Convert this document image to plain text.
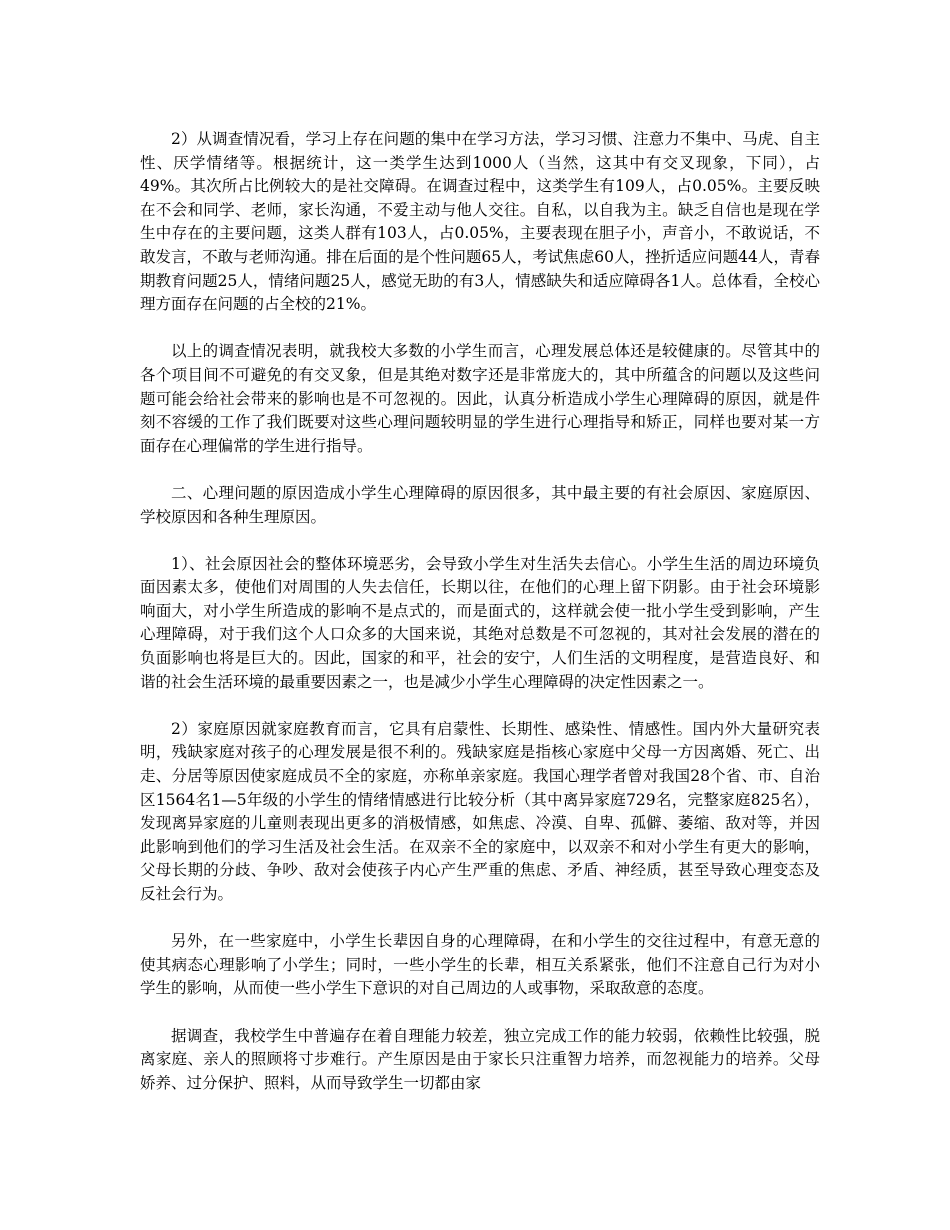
2）从调查情况看，学习上存在问题的集中在学习方法，学习习惯、注意力不集中、马虎、自主性、厌学情绪等。根据统计，这一类学生达到1000人（当然，这其中有交叉现象，下同），占49%。其次所占比例较大的是社交障碍。在调查过程中，这类学生有109人，占0.05%。主要反映在不会和同学、老师，家长沟通，不爱主动与他人交往。自私，以自我为主。缺乏自信也是现在学生中存在的主要问题，这类人群有103人，占0.05%，主要表现在胆子小，声音小，不敢说话，不敢发言，不敢与老师沟通。排在后面的是个性问题65人，考试焦虑60人，挫折适应问题44人，青春期教育问题25人，情绪问题25人，感觉无助的有3人，情感缺失和适应障碍各1人。总体看，全校心理方面存在问题的占全校的21%。

以上的调查情况表明，就我校大多数的小学生而言，心理发展总体还是较健康的。尽管其中的各个项目间不可避免的有交叉象，但是其绝对数字还是非常庞大的，其中所蕴含的问题以及这些问题可能会给社会带来的影响也是不可忽视的。因此，认真分析造成小学生心理障碍的原因，就是件刻不容缓的工作了我们既要对这些心理问题较明显的学生进行心理指导和矫正，同样也要对某一方面存在心理偏常的学生进行指导。

二、心理问题的原因造成小学生心理障碍的原因很多，其中最主要的有社会原因、家庭原因、学校原因和各种生理原因。

1）、社会原因社会的整体环境恶劣，会导致小学生对生活失去信心。小学生生活的周边环境负面因素太多，使他们对周围的人失去信任，长期以往，在他们的心理上留下阴影。由于社会环境影响面大，对小学生所造成的影响不是点式的，而是面式的，这样就会使一批小学生受到影响，产生心理障碍，对于我们这个人口众多的大国来说，其绝对总数是不可忽视的，其对社会发展的潜在的负面影响也将是巨大的。因此，国家的和平，社会的安宁，人们生活的文明程度，是营造良好、和谐的社会生活环境的最重要因素之一，也是减少小学生心理障碍的决定性因素之一。

2）家庭原因就家庭教育而言，它具有启蒙性、长期性、感染性、情感性。国内外大量研究表明，残缺家庭对孩子的心理发展是很不利的。残缺家庭是指核心家庭中父母一方因离婚、死亡、出走、分居等原因使家庭成员不全的家庭，亦称单亲家庭。我国心理学者曾对我国28个省、市、自治区1564名1—5年级的小学生的情绪情感进行比较分析（其中离异家庭729名，完整家庭825名），发现离异家庭的儿童则表现出更多的消极情感，如焦虑、冷漠、自卑、孤僻、萎缩、敌对等，并因此影响到他们的学习生活及社会生活。在双亲不全的家庭中，以双亲不和对小学生有更大的影响，父母长期的分歧、争吵、敌对会使孩子内心产生严重的焦虑、矛盾、神经质，甚至导致心理变态及反社会行为。

另外，在一些家庭中，小学生长辈因自身的心理障碍，在和小学生的交往过程中，有意无意的使其病态心理影响了小学生；同时，一些小学生的长辈，相互关系紧张，他们不注意自己行为对小学生的影响，从而使一些小学生下意识的对自己周边的人或事物，采取敌意的态度。

据调查，我校学生中普遍存在着自理能力较差，独立完成工作的能力较弱，依赖性比较强，脱离家庭、亲人的照顾将寸步难行。产生原因是由于家长只注重智力培养，而忽视能力的培养。父母娇养、过分保护、照料，从而导致学生一切都由家
